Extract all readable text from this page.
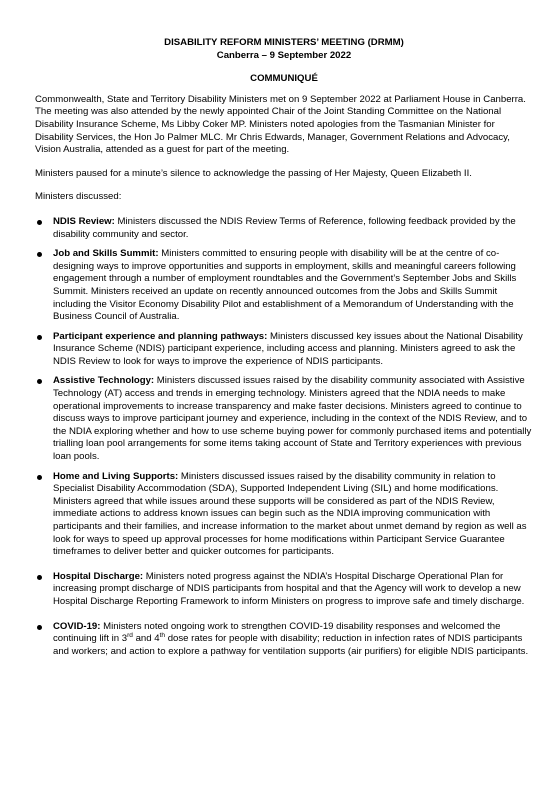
DISABILITY REFORM MINISTERS’ MEETING (DRMM)

Canberra – 9 September 2022

COMMUNIQUÉ

Commonwealth, State and Territory Disability Ministers met on 9 September 2022 at Parliament House in Canberra. The meeting was also attended by the newly appointed Chair of the Joint Standing Committee on the National Disability Insurance Scheme, Ms Libby Coker MP. Ministers noted apologies from the Tasmanian Minister for Disability Services, the Hon Jo Palmer MLC. Mr Chris Edwards, Manager, Government Relations and Advocacy, Vision Australia, attended as a guest for part of the meeting.

Ministers paused for a minute’s silence to acknowledge the passing of Her Majesty, Queen Elizabeth II.

Ministers discussed:

NDIS Review: Ministers discussed the NDIS Review Terms of Reference, following feedback provided by the disability community and sector.
Job and Skills Summit: Ministers committed to ensuring people with disability will be at the centre of co-designing ways to improve opportunities and supports in employment, skills and meaningful careers following engagement through a number of employment roundtables and the Government’s September Jobs and Skills Summit. Ministers received an update on recently announced outcomes from the Jobs and Skills Summit including the Visitor Economy Disability Pilot and establishment of a Memorandum of Understanding with the Business Council of Australia.
Participant experience and planning pathways: Ministers discussed key issues about the National Disability Insurance Scheme (NDIS) participant experience, including access and planning. Ministers agreed to ask the NDIS Review to look for ways to improve the experience of NDIS participants.
Assistive Technology: Ministers discussed issues raised by the disability community associated with Assistive Technology (AT) access and trends in emerging technology. Ministers agreed that the NDIA needs to make operational improvements to increase transparency and make faster decisions. Ministers agreed to continue to discuss ways to improve participant journey and experience, including in the context of the NDIS Review, and to the NDIA exploring whether and how to use scheme buying power for commonly purchased items and potentially trialling loan pool arrangements for some items taking account of State and Territory experiences with previous loan pools.
Home and Living Supports: Ministers discussed issues raised by the disability community in relation to Specialist Disability Accommodation (SDA), Supported Independent Living (SIL) and home modifications. Ministers agreed that while issues around these supports will be considered as part of the NDIS Review, immediate actions to address known issues can begin such as the NDIA improving communication with participants and their families, and increase information to the market about unmet demand by region as well as look for ways to speed up approval processes for home modifications within Participant Service Guarantee timeframes to deliver better and quicker outcomes for participants.
Hospital Discharge: Ministers noted progress against the NDIA’s Hospital Discharge Operational Plan for increasing prompt discharge of NDIS participants from hospital and that the Agency will work to develop a new Hospital Discharge Reporting Framework to inform Ministers on progress to improve safe and timely discharge.
COVID-19: Ministers noted ongoing work to strengthen COVID-19 disability responses and welcomed the continuing lift in 3rd and 4th dose rates for people with disability; reduction in infection rates of NDIS participants and workers; and action to explore a pathway for ventilation supports (air purifiers) for eligible NDIS participants.
